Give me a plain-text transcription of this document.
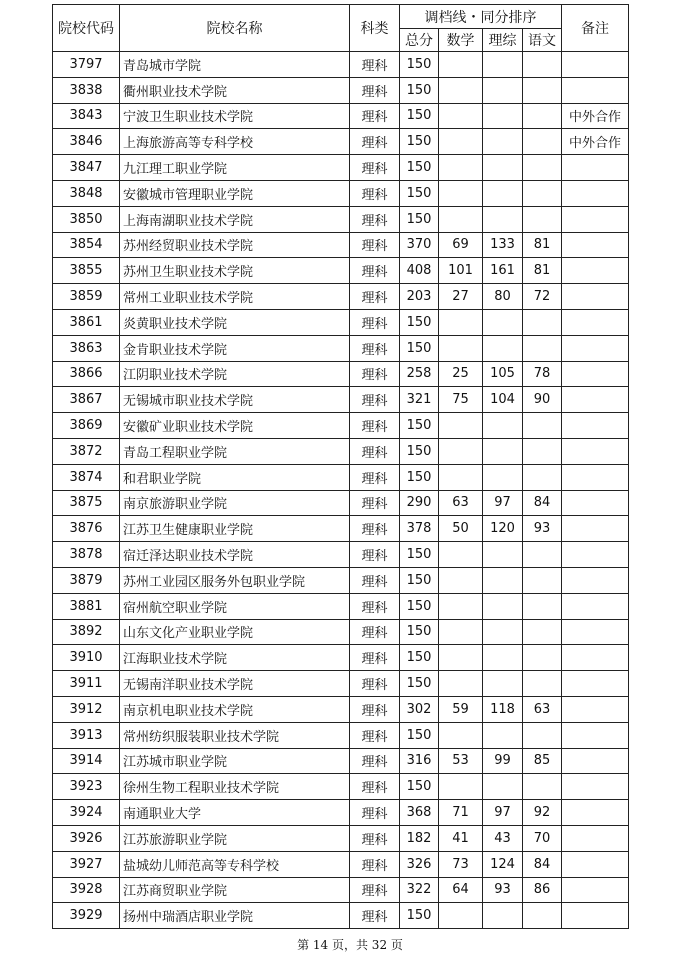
院校代码	院校名称	科类	调档线・同分排序				备注
			总分	数学	理综	语文	
3797	青岛城市学院	理科	150				
3838	衢州职业技术学院	理科	150				
3843	宁波卫生职业技术学院	理科	150				中外合作
3846	上海旅游高等专科学校	理科	150				中外合作
3847	九江理工职业学院	理科	150				
3848	安徽城市管理职业学院	理科	150				
3850	上海南湖职业技术学院	理科	150				
3854	苏州经贸职业技术学院	理科	370	69	133	81	
3855	苏州卫生职业技术学院	理科	408	101	161	81	
3859	常州工业职业技术学院	理科	203	27	80	72	
3861	炎黄职业技术学院	理科	150				
3863	金肯职业技术学院	理科	150				
3866	江阴职业技术学院	理科	258	25	105	78	
3867	无锡城市职业技术学院	理科	321	75	104	90	
3869	安徽矿业职业技术学院	理科	150				
3872	青岛工程职业学院	理科	150				
3874	和君职业学院	理科	150				
3875	南京旅游职业学院	理科	290	63	97	84	
3876	江苏卫生健康职业学院	理科	378	50	120	93	
3878	宿迁泽达职业技术学院	理科	150				
3879	苏州工业园区服务外包职业学院	理科	150				
3881	宿州航空职业学院	理科	150				
3892	山东文化产业职业学院	理科	150				
3910	江海职业技术学院	理科	150				
3911	无锡南洋职业技术学院	理科	150				
3912	南京机电职业技术学院	理科	302	59	118	63	
3913	常州纺织服装职业技术学院	理科	150				
3914	江苏城市职业学院	理科	316	53	99	85	
3923	徐州生物工程职业技术学院	理科	150				
3924	南通职业大学	理科	368	71	97	92	
3926	江苏旅游职业学院	理科	182	41	43	70	
3927	盐城幼儿师范高等专科学校	理科	326	73	124	84	
3928	江苏商贸职业学院	理科	322	64	93	86	
3929	扬州中瑞酒店职业学院	理科	150				
第 14 页，共 32 页
